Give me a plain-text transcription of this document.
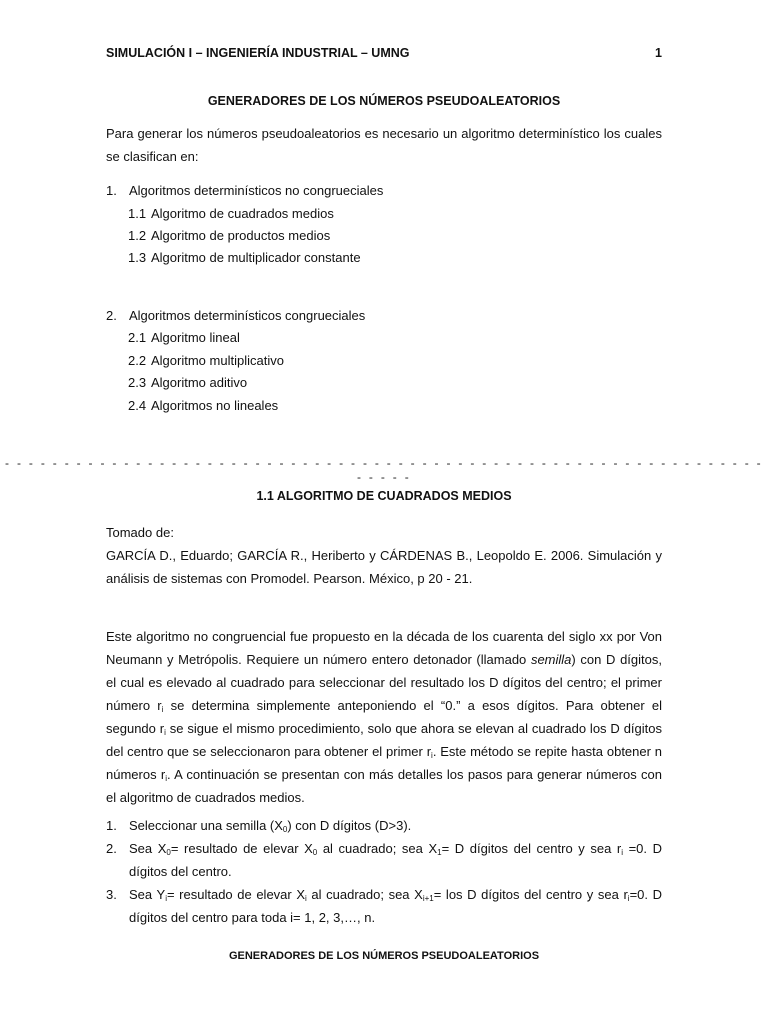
SIMULACIÓN I – INGENIERÍA INDUSTRIAL – UMNG	1
GENERADORES DE LOS NÚMEROS PSEUDOALEATORIOS

Para generar los números pseudoaleatorios es necesario un algoritmo determinístico los cuales se clasifican en:

1. Algoritmos determinísticos no congrueciales
1.1 Algoritmo de cuadrados medios
1.2 Algoritmo de productos medios
1.3 Algoritmo de multiplicador constante
2. Algoritmos determinísticos congrueciales
2.1 Algoritmo lineal
2.2 Algoritmo multiplicativo
2.3 Algoritmo aditivo
2.4 Algoritmos no lineales
- - - - - - - - - - - - - - - - - - - - - - - - - - - - - - - - - - - - - - - - - - - - - - - - - - - - - - - - - - - - - - - - - - - - -
1.1 ALGORITMO DE CUADRADOS MEDIOS
Tomado de:

GARCÍA D., Eduardo; GARCÍA R., Heriberto y CÁRDENAS B., Leopoldo E. 2006. Simulación y análisis de sistemas con Promodel. Pearson. México, p 20 - 21.

Este algoritmo no congruencial fue propuesto en la década de los cuarenta del siglo xx por Von Neumann y Metrópolis. Requiere un número entero detonador (llamado semilla) con D dígitos, el cual es elevado al cuadrado para seleccionar del resultado los D dígitos del centro; el primer número $r_i$ se determina simplemente anteponiendo el “0.” a esos dígitos. Para obtener el segundo $r_i$ se sigue el mismo procedimiento, solo que ahora se elevan al cuadrado los D dígitos del centro que se seleccionaron para obtener el primer $r_i$. Este método se repite hasta obtener n números $r_i$. A continuación se presentan con más detalles los pasos para generar números con el algoritmo de cuadrados medios.

1. Seleccionar una semilla $(X_0)$ con D dígitos (D>3).
2. Sea $X_0=$ resultado de elevar $X_0$ al cuadrado; sea $X_1= D$ dígitos del centro y sea $r_i =0$. D dígitos del centro.
3. Sea $Y_i=$ resultado de elevar $X_i$ al cuadrado; sea $X_{i+1}=$ los D dígitos del centro y sea $r_i=0$. D dígitos del centro para toda i= 1, 2, 3,…, n.
GENERADORES DE LOS NÚMEROS PSEUDOALEATORIOS
